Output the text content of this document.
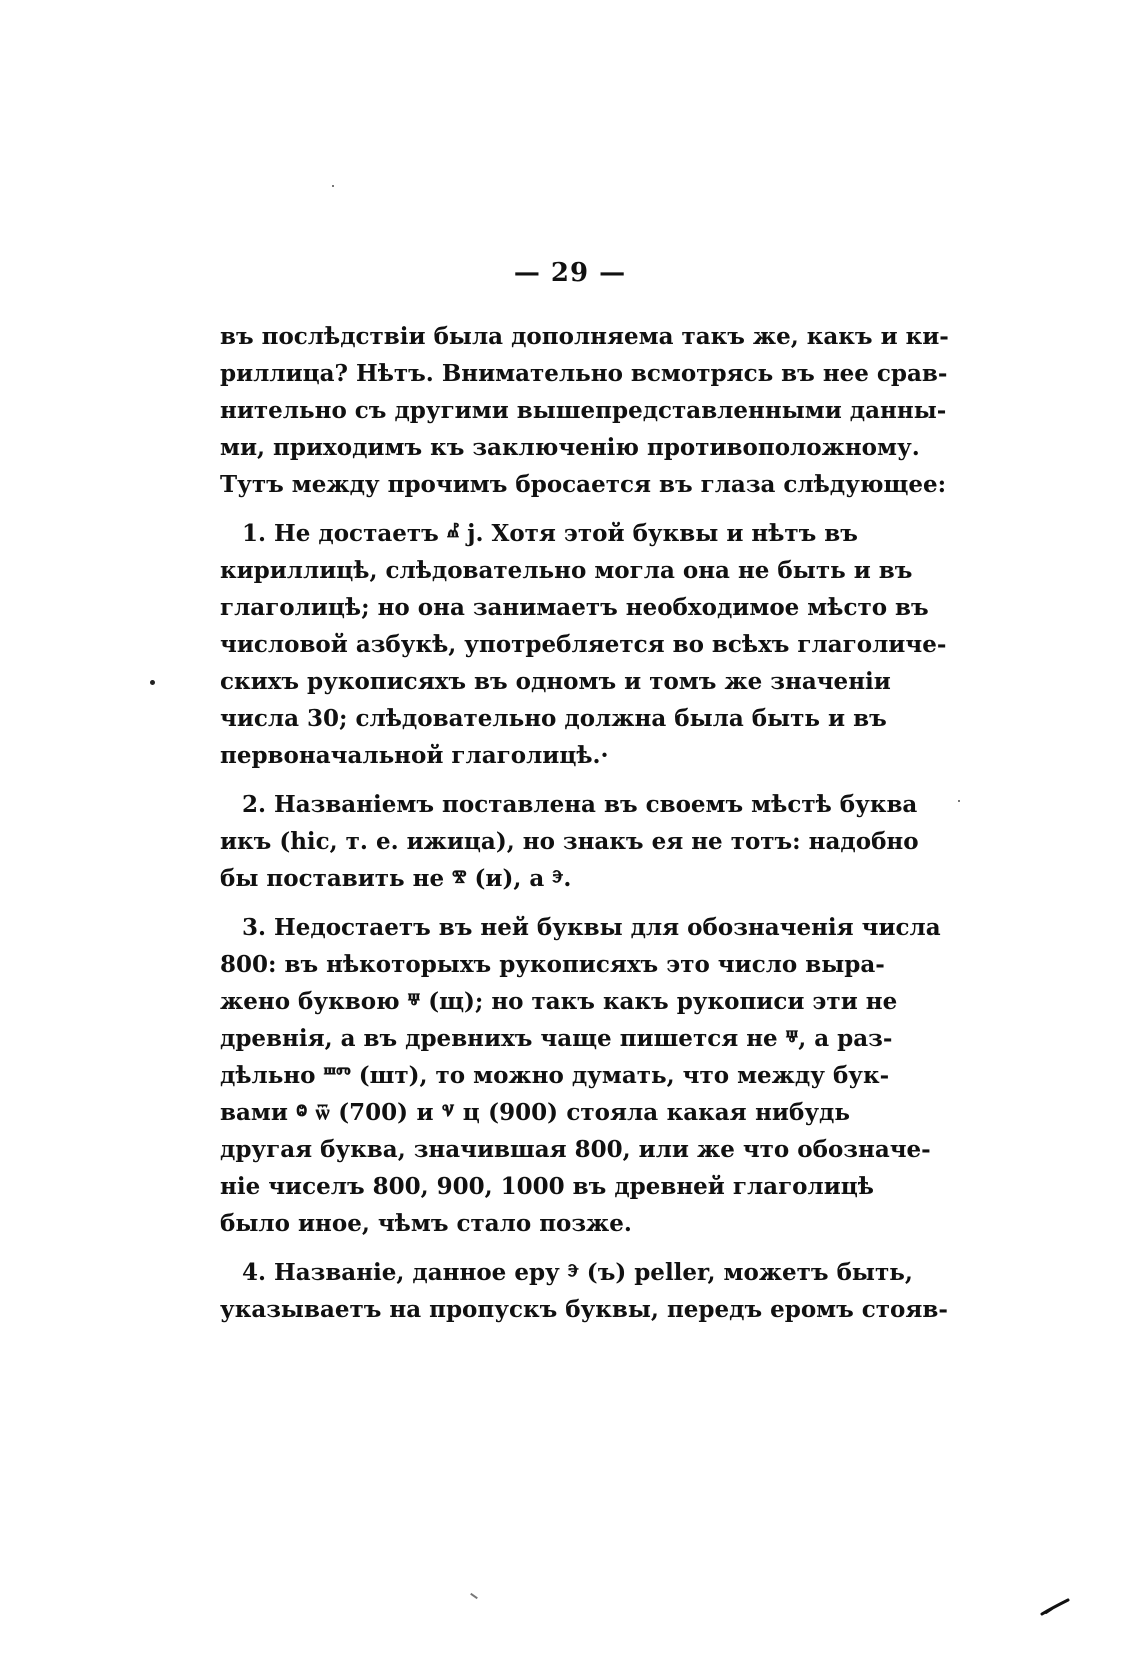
— 29 —
въ послѣдствіи была дополняема такъ же, какъ и ки-
риллица? Нѣтъ. Внимательно всмотрясь въ нее срав-
нительно съ другими вышепредставленными данны-
ми, приходимъ къ заключенію противоположному.
Тутъ между прочимъ бросается въ глаза слѣдующее:
1. Не достаетъ ⰼ j. Хотя этой буквы и нѣтъ въ
кириллицѣ, слѣдовательно могла она не быть и въ
глаголицѣ; но она занимаетъ необходимое мѣсто въ
числовой азбукѣ, употребляется во всѣхъ глаголиче-
скихъ рукописяхъ въ одномъ и томъ же значеніи
числа 30; слѣдовательно должна была быть и въ
первоначальной глаголицѣ.·
2. Названіемъ поставлена въ своемъ мѣстѣ буква
икъ (hic, т. е. ижица), но знакъ ея не тотъ: надобно
бы поставить не ⰺ (и), а ⰵ.
3. Недостаетъ въ ней буквы для обозначенія числа
800: въ нѣкоторыхъ рукописяхъ это число выра-
жено буквою ⱋ (щ); но такъ какъ рукописи эти не
древнія, а въ древнихъ чаще пишется не ⱋ, а раз-
дѣльно ⱎⱅ (шт), то можно думать, что между бук-
вами ⱉ ѿ (700) и ⱌ ц (900) стояла какая нибудь
другая буква, значившая 800, или же что обозначе-
ніе чиселъ 800, 900, 1000 въ древней глаголицѣ
было иное, чѣмъ стало позже.
4. Названіе, данное еру ⰵ (ъ) peller, можетъ быть,
указываетъ на пропускъ буквы, передъ еромъ стояв-
